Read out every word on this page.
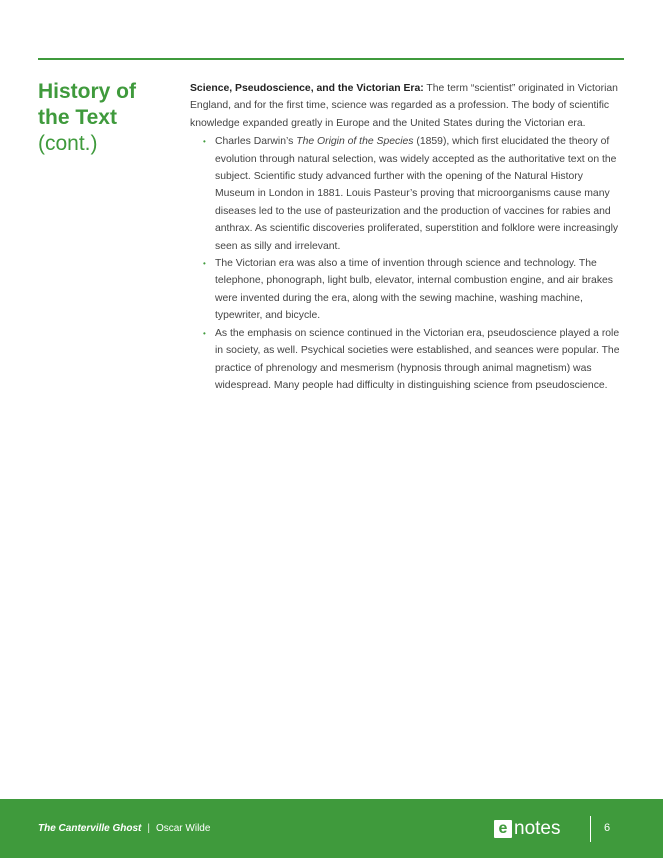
History of
the Text
(cont.)

Science, Pseudoscience, and the Victorian Era: The term “scientist” originated in Victorian England, and for the first time, science was regarded as a profession. The body of scientific knowledge expanded greatly in Europe and the United States during the Victorian era.

• Charles Darwin’s The Origin of the Species (1859), which first elucidated the theory of evolution through natural selection, was widely accepted as the authoritative text on the subject. Scientific study advanced further with the opening of the Natural History Museum in London in 1881. Louis Pasteur’s proving that microorganisms cause many diseases led to the use of pasteurization and the production of vaccines for rabies and anthrax. As scientific discoveries proliferated, superstition and folklore were increasingly seen as silly and irrelevant.
• The Victorian era was also a time of invention through science and technology. The telephone, phonograph, light bulb, elevator, internal combustion engine, and air brakes were invented during the era, along with the sewing machine, washing machine, typewriter, and bicycle.
• As the emphasis on science continued in the Victorian era, pseudoscience played a role in society, as well. Psychical societies were established, and seances were popular. The practice of phrenology and mesmerism (hypnosis through animal magnetism) was widespread. Many people had difficulty in distinguishing science from pseudoscience.
The Canterville Ghost | Oscar Wilde	e notes	6
